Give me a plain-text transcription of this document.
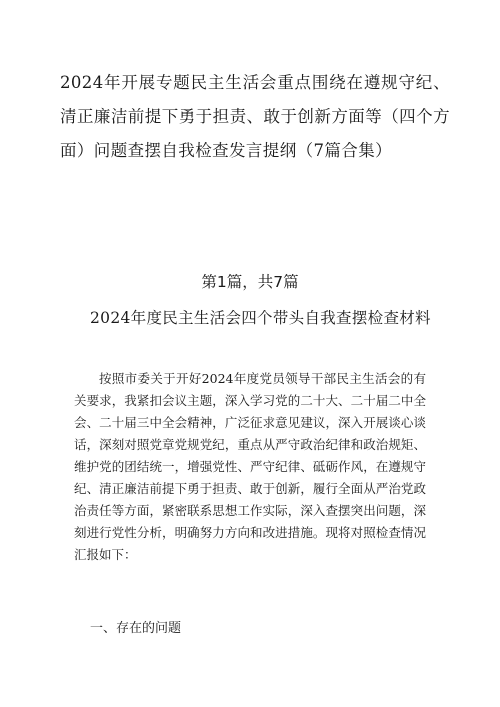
2024年开展专题民主生活会重点围绕在遵规守纪、清正廉洁前提下勇于担责、敢于创新方面等（四个方面）问题查摆自我检查发言提纲（7篇合集）
第1篇，共7篇
2024年度民主生活会四个带头自我查摆检查材料

按照市委关于开好2024年度党员领导干部民主生活会的有关要求，我紧扣会议主题，深入学习党的二十大、二十届二中全会、二十届三中全会精神，广泛征求意见建议，深入开展谈心谈话，深刻对照党章党规党纪，重点从严守政治纪律和政治规矩、维护党的团结统一，增强党性、严守纪律、砥砺作风，在遵规守纪、清正廉洁前提下勇于担责、敢于创新，履行全面从严治党政治责任等方面，紧密联系思想工作实际，深入查摆突出问题，深刻进行党性分析，明确努力方向和改进措施。现将对照检查情况汇报如下：

一、存在的问题
